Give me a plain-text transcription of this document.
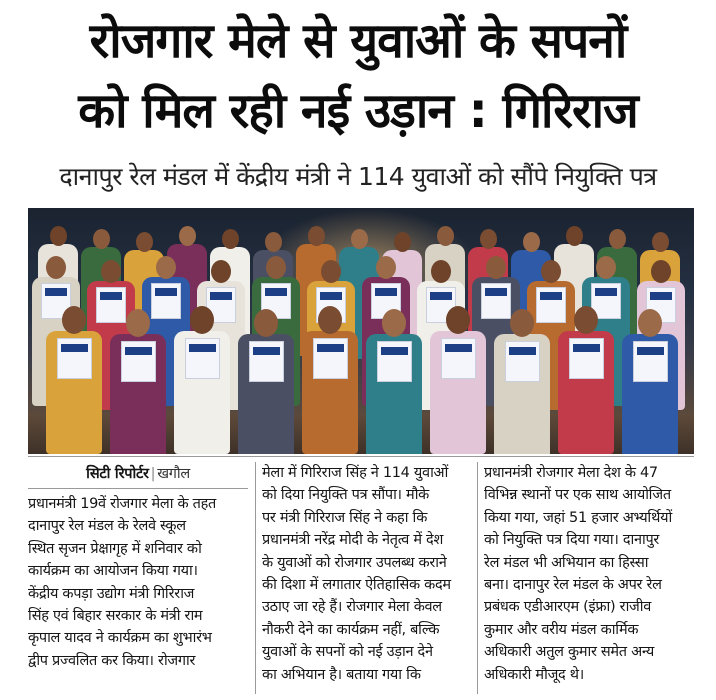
रोजगार मेले से युवाओं के सपनों
को मिल रही नई उड़ान : गिरिराज
दानापुर रेल मंडल में केंद्रीय मंत्री ने 114 युवाओं को सौंपे नियुक्ति पत्र
सिटी रिपोर्टर | खगौल
प्रधानमंत्री 19वें रोजगार मेला के तहत
दानापुर रेल मंडल के रेलवे स्कूल
स्थित सृजन प्रेक्षागृह में शनिवार को
कार्यक्रम का आयोजन किया गया।
केंद्रीय कपड़ा उद्योग मंत्री गिरिराज
सिंह एवं बिहार सरकार के मंत्री राम
कृपाल यादव ने कार्यक्रम का शुभारंभ
द्वीप प्रज्वलित कर किया। रोजगार
मेला में गिरिराज सिंह ने 114 युवाओं
को दिया नियुक्ति पत्र सौंपा। मौके
पर मंत्री गिरिराज सिंह ने कहा कि
प्रधानमंत्री नरेंद्र मोदी के नेतृत्व में देश
के युवाओं को रोजगार उपलब्ध कराने
की दिशा में लगातार ऐतिहासिक कदम
उठाए जा रहे हैं। रोजगार मेला केवल
नौकरी देने का कार्यक्रम नहीं, बल्कि
युवाओं के सपनों को नई उड़ान देने
का अभियान है। बताया गया कि
प्रधानमंत्री रोजगार मेला देश के 47
विभिन्न स्थानों पर एक साथ आयोजित
किया गया, जहां 51 हजार अभ्यर्थियों
को नियुक्ति पत्र दिया गया। दानापुर
रेल मंडल भी अभियान का हिस्सा
बना। दानापुर रेल मंडल के अपर रेल
प्रबंधक एडीआरएम (इंफ्रा) राजीव
कुमार और वरीय मंडल कार्मिक
अधिकारी अतुल कुमार समेत अन्य
अधिकारी मौजूद थे।
